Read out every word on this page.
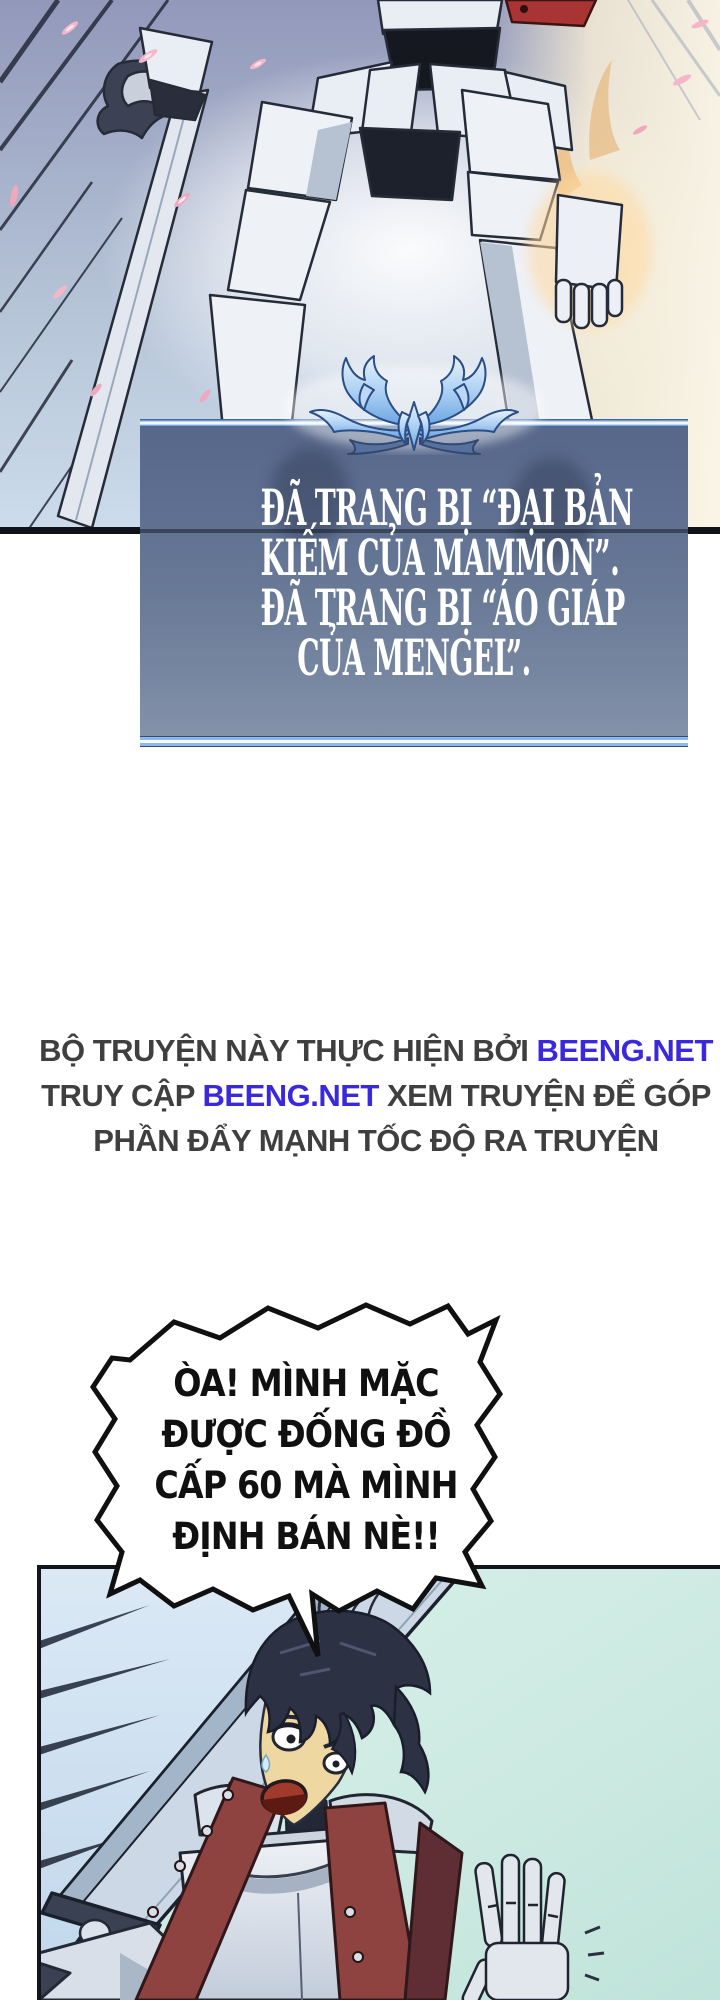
ĐÃ TRANG BỊ “ĐẠI BẢN
KIẾM CỦA MAMMON”.
ĐÃ TRANG BỊ “ÁO GIÁP
CỦA MENGEL”.
BỘ TRUYỆN NÀY THỰC HIỆN BỞI BEENG.NET
TRUY CẬP BEENG.NET XEM TRUYỆN ĐỂ GÓP
PHẦN ĐẨY MẠNH TỐC ĐỘ RA TRUYỆN
ÒA! MÌNH MẶC
ĐƯỢC ĐỐNG ĐỒ
CẤP 60 MÀ MÌNH
ĐỊNH BÁN NÈ!!
